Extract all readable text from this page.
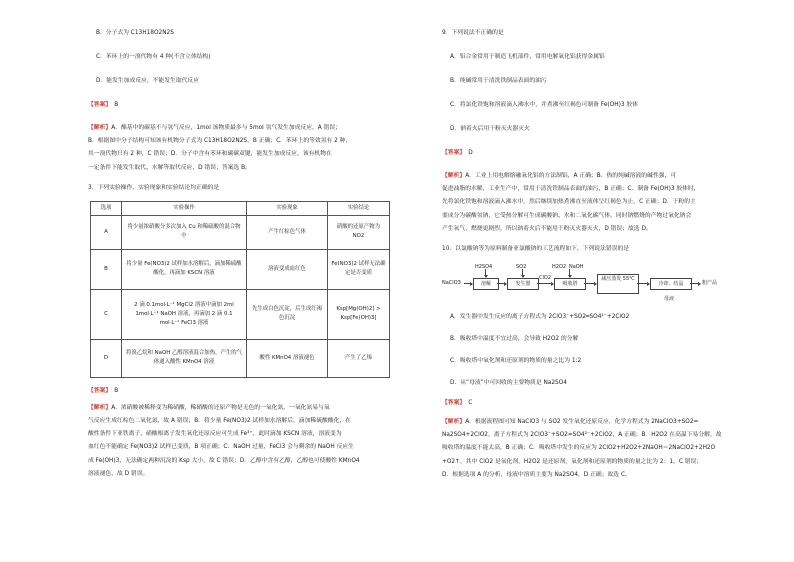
B．分子式为 C13H18O2N2S

C．苯环上的一溴代物有 4 种(不含立体结构)

D．能发生加成反应，不能发生取代反应

【答案】 B

【解析】A．酯基中的碳基不与氢气反应，1mol 该物质最多与 5mol 氢气发生加成反应，A 错误；

B．根据图中分子结构可知该有机物分子式为 C13H18O2N2S，B 正确；C．苯环上的等效氢有 2 种，

其一溴代物只有 2 种，C 错误；D．分子中含有苯环和碳碳双键，能发生加成反应，该有机物在

一定条件下能发生取代、水解等取代反应，D 错误；答案选 B。

3．下列实验操作、实验现象和实验结论均正确的是

选项	实验操作	实验现象	实验结论
A	将少量浓硝酸分多次加入 Cu 和稀硫酸的混合物中	产生红棕色气体	硝酸的还原产物为 NO2
B	将少量 Fe(NO3)2 试样加水溶解后，滴加稀硫酸酸化，再滴加 KSCN 溶液	溶液变成血红色	Fe(NO3)2 试样无法确定是否变质
C	2 滴 0.1mol·L⁻¹ MgCl2 溶液中滴加 2ml 1mol·L⁻¹ NaOH 溶液，再滴加 2 滴 0.1 mol·L⁻¹ FeCl3 溶液	先生成白色沉淀，后生成红褐色沉淀	Ksp[Mg(OH)2] > Ksp[Fe(OH)3]
D	将溴乙烷和 NaOH 乙醇溶液混合加热，产生的气体通入酸性 KMnO4 溶液	酸性 KMnO4 溶液褪色	产生了乙烯

【答案】 B

【解析】A．浓硝酸被稀释变为稀硝酸，稀硝酸的还原产物是无色的一氧化氮，一氧化氮易与氧

气反应生成红棕色二氧化氮，故 A 错误；B．将少量 Fe(NO3)2 试样加水溶解后，滴加稀硫酸酸化，在

酸性条件下亚铁离子、硝酸根离子发生氧化还原反应可生成 Fe³⁺，此时滴加 KSCN 溶液，溶液变为

血红色不能确定 Fe(NO3)2 试样已变质，B 项正确；C．NaOH 过量，FeCl3 会与剩余的 NaOH 反应生

成 Fe(OH)3，无法确定两种沉淀的 Ksp 大小，故 C 错误；D．乙醇中含有乙醇，乙醇也可使酸性 KMnO4

溶液褪色，故 D 错误。

9．下列说法不正确的是

A．铝合金常用于制造飞机部件，常用电解氧化铝获得金属铝

B．纯碱常用于清洗铁制品表面的油污

C．将氯化铁饱和溶液滴入沸水中，并煮沸至红褐色可制备 Fe(OH)3 胶体

D．钠着火后用干粉灭火器灭火

【答案】 D

【解析】A．工业上用电解熔融氧化铝的方法制铝，A 正确；B．热的纯碱溶液的碱性强，可

促进油脂的水解，工业生产中，常用于清洗铁制品表面的油污，B 正确；C．制备 Fe(OH)3 胶体时，

先将氯化铁饱和溶液滴入沸水中，然后继续加热煮沸直至液体呈红褐色为止，C 正确；D．干粉的主

要成分为碳酸氢钠，它受热分解可生成碳酸钠、水和二氧化碳气体，同时钠燃烧的产物过氧化钠会

产生氧气，燃烧更剧烈，所以钠着火后不能用干粉灭火器灭火，D 错误；故选 D。

10．以氯酸钠等为原料制备亚氯酸钠的工艺流程如下，下列说法错误的是

NaClO3	溶解
H2SO4
发生器
SO2
ClO2
吸收塔
H2O2 NaOH
减压蒸发 55℃
冷却、结晶
母液
粗产品

A．发生器中发生反应的离子方程式为 2ClO3⁻+SO2═SO4²⁻+2ClO2

B．吸收塔中温度不宜过高，会导致 H2O2 的分解

C．吸收塔中氧化剂和还原剂的物质的量之比为 1:2

D．从“母液”中可回收的主要物质是 Na2SO4

【答案】 C

【解析】A．根据流程图可知 NaClO3 与 SO2 发生氧化还原反应，化学方程式为 2NaClO3+SO2=

Na2SO4+2ClO2，离子方程式为 2ClO3⁻+SO2=SO4²⁻+2ClO2，A 正确；B．H2O2 在高温下易分解，故

吸收塔的温度不能太高，B 正确；C．吸收塔中发生的反应为 2ClO2+H2O2+2NaOH＝2NaClO2+2H2O

+O2↑，其中 ClO2 是氧化剂，H2O2 是还原剂，氧化剂和还原剂的物质的量之比为 2：1，C 错误；

D．根据选项 A 的分析，母液中溶质主要为 Na2SO4，D 正确；故选 C。
